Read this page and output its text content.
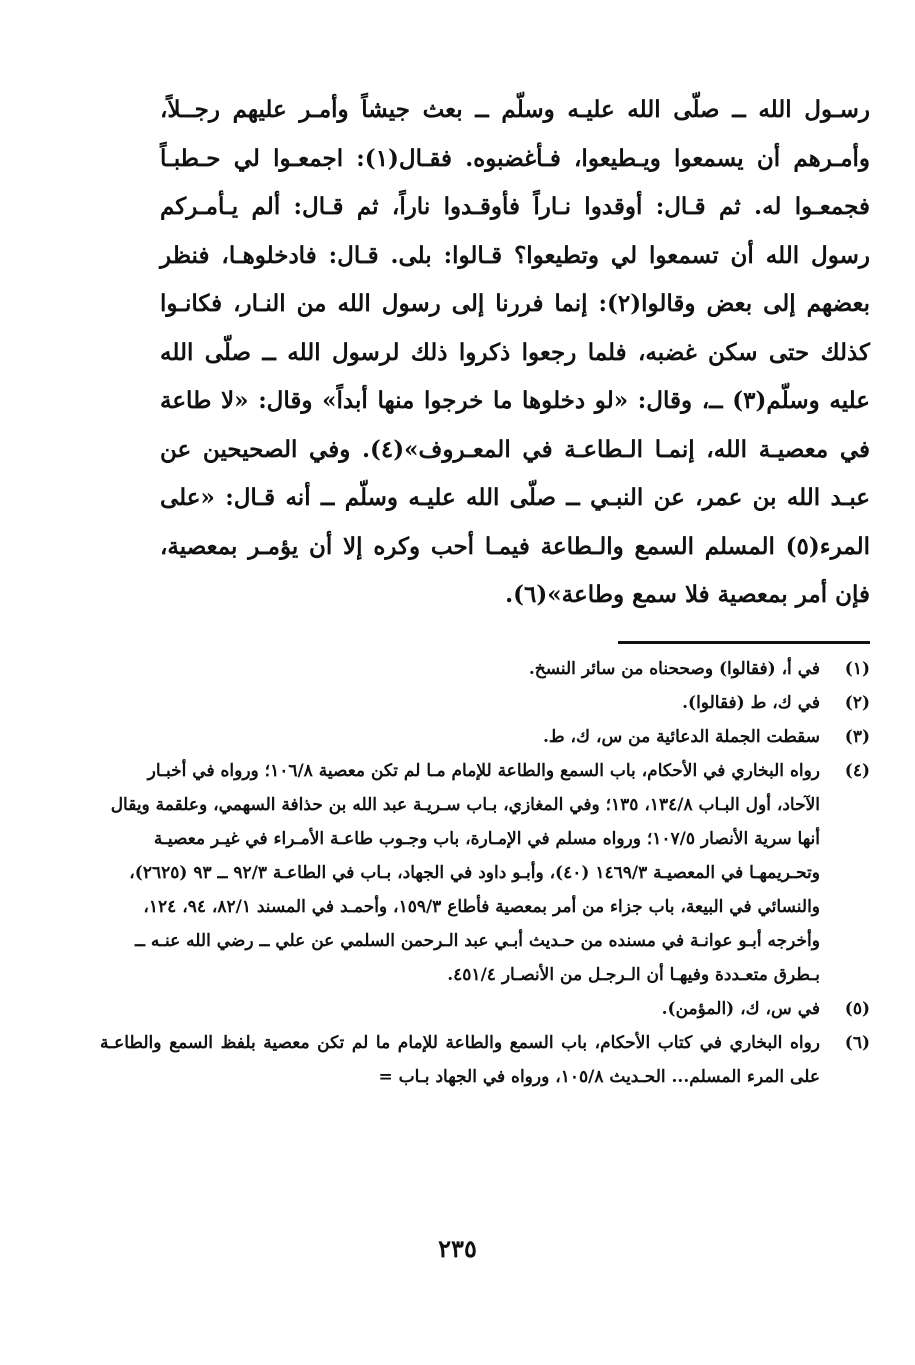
رسـول الله ــ صلّى الله عليـه وسلّم ــ بعث جيشاً وأمـر عليهم رجــلاً، وأمـرهم أن يسمعوا ويـطيعوا، فـأغضبوه. فقـال(١): اجمعـوا لي حـطبـاً فجمعـوا له. ثم قـال: أوقدوا نـاراً فأوقـدوا ناراً، ثم قـال: ألم يـأمـركم رسول الله أن تسمعوا لي وتطيعوا؟ قـالوا: بلى. قـال: فادخلوهـا، فنظر بعضهم إلى بعض وقالوا(٢): إنما فررنا إلى رسول الله من النـار، فكانـوا كذلك حتى سكن غضبه، فلما رجعوا ذكروا ذلك لرسول الله ــ صلّى الله عليه وسلّم(٣) ــ، وقال: «لو دخلوها ما خرجوا منها أبداً» وقال: «لا طاعة في معصيـة الله، إنمـا الـطاعـة في المعـروف»(٤). وفي الصحيحين عن عبـد الله بن عمر، عن النبـي ــ صلّى الله عليـه وسلّم ــ أنه قـال: «على المرء(٥) المسلم السمع والـطاعة فيمـا أحب وكره إلا أن يؤمـر بمعصية، فإن أمر بمعصية فلا سمع وطاعة»(٦).

(١)
في أ، (فقالوا) وصححناه من سائر النسخ.
(٢)
في ك، ط (فقالوا).
(٣)
سقطت الجملة الدعائية من س، ك، ط.
(٤)
رواه البخاري في الأحكام، باب السمع والطاعة للإمام مـا لم تكن معصية ١٠٦/٨؛ ورواه في أخبـار الآحاد، أول البـاب ١٣٤/٨، ١٣٥؛ وفي المغازي، بـاب سـريـة عبد الله بن حذافة السهمي، وعلقمة ويقال أنها سرية الأنصار ١٠٧/٥؛ ورواه مسلم في الإمـارة، باب وجـوب طاعـة الأمـراء في غيـر معصيـة وتحـريمهـا في المعصيـة ١٤٦٩/٣ (٤٠)، وأبـو داود في الجهاد، بـاب في الطاعـة ٩٢/٣ ــ ٩٣ (٢٦٢٥)، والنسائي في البيعة، باب جزاء من أمر بمعصية فأطاع ١٥٩/٣، وأحمـد في المسند ٨٢/١، ٩٤، ١٢٤، وأخرجه أبـو عوانـة في مسنده من حـديث أبـي عبد الـرحمن السلمي عن علي ــ رضي الله عنـه ــ بـطرق متعـددة وفيهـا أن الـرجـل من الأنصـار ٤٥١/٤.
(٥)
في س، ك، (المؤمن).
(٦)
رواه البخاري في كتاب الأحكام، باب السمع والطاعة للإمام ما لم تكن معصية بلفظ السمع والطاعـة على المرء المسلم... الحـديث ١٠٥/٨، ورواه في الجهاد بـاب =
٢٣٥
